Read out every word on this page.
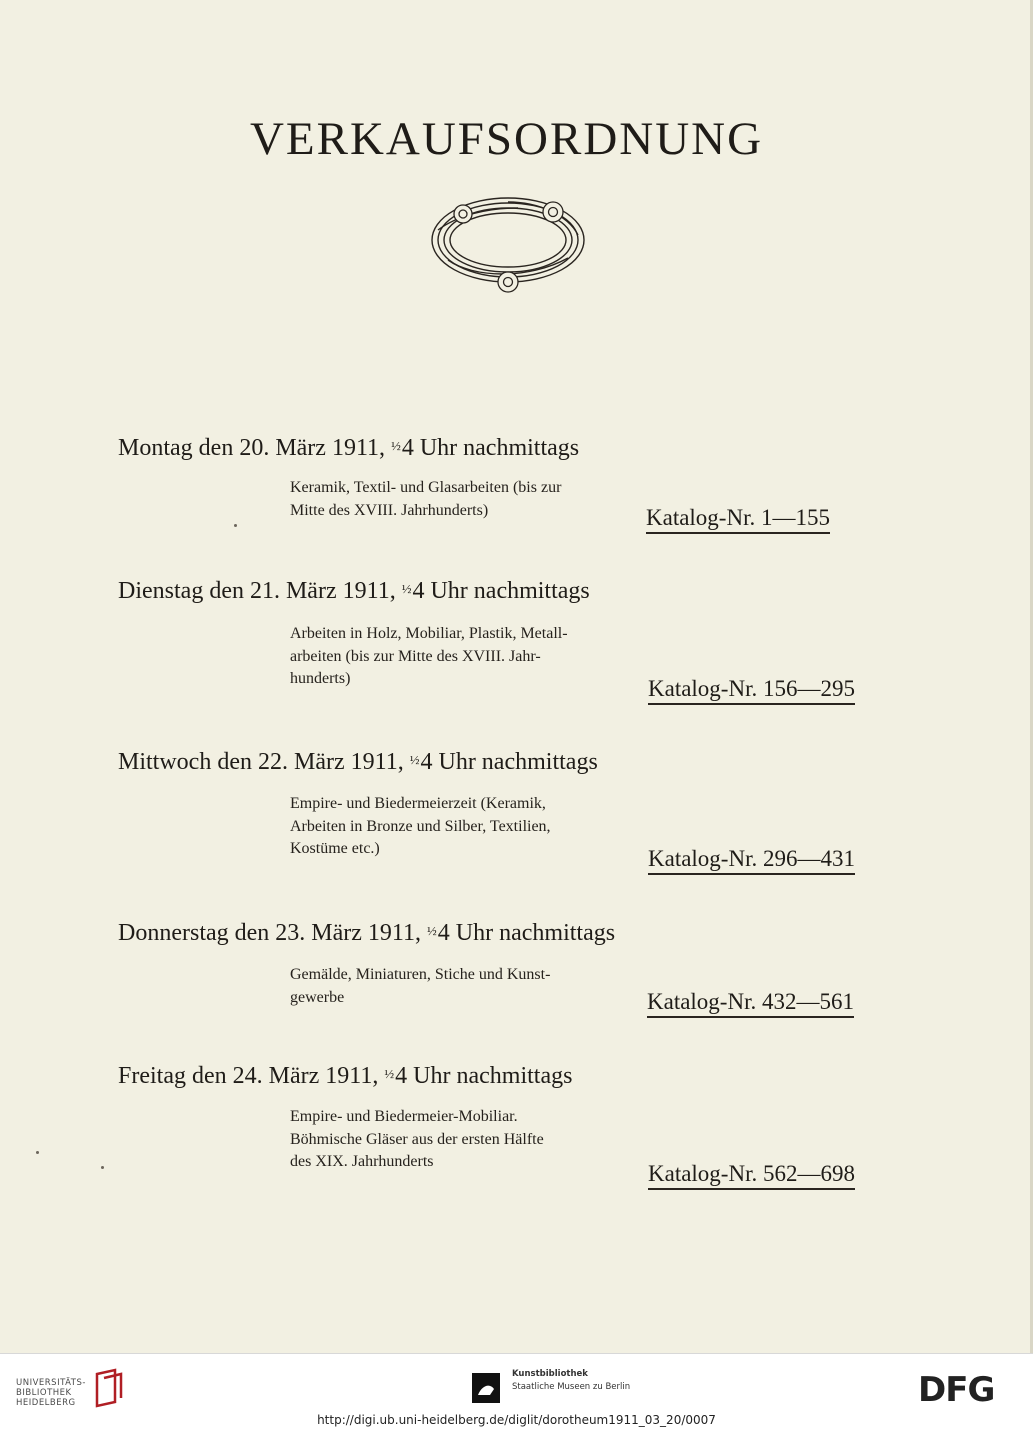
VERKAUFSORDNUNG
Montag den 20. März 1911, $^{\frac{1}{2}}$4 Uhr nachmittags
Keramik, Textil- und Glasarbeiten (bis zur
Mitte des XVIII. Jahrhunderts)	Katalog-Nr. 1—155
Dienstag den 21. März 1911, $^{\frac{1}{2}}$4 Uhr nachmittags
Arbeiten in Holz, Mobiliar, Plastik, Metall-
arbeiten (bis zur Mitte des XVIII. Jahr-
hunderts)	Katalog-Nr. 156—295
Mittwoch den 22. März 1911, $^{\frac{1}{2}}$4 Uhr nachmittags
Empire- und Biedermeierzeit (Keramik,
Arbeiten in Bronze und Silber, Textilien,
Kostüme etc.)	Katalog-Nr. 296—431
Donnerstag den 23. März 1911, $^{\frac{1}{2}}$4 Uhr nachmittags
Gemälde, Miniaturen, Stiche und Kunst-
gewerbe	Katalog-Nr. 432—561
Freitag den 24. März 1911, $^{\frac{1}{2}}$4 Uhr nachmittags
Empire- und Biedermeier-Mobiliar.
Böhmische Gläser aus der ersten Hälfte
des XIX. Jahrhunderts	Katalog-Nr. 562—698
UNIVERSITÄTS-
BIBLIOTHEK
HEIDELBERG
Kunstbibliothek
Staatliche Museen zu Berlin	DFG
http://digi.ub.uni-heidelberg.de/diglit/dorotheum1911_03_20/0007
